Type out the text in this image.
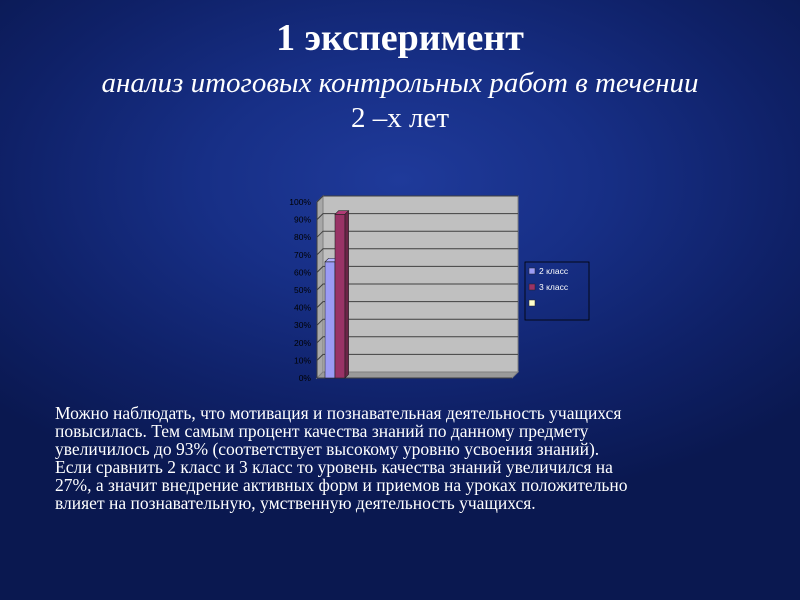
1 эксперимент
анализ итоговых контрольных работ в течении
2 –х лет
0%
10%
20%
30%
40%
50%
60%
70%
80%
90%
100%
2 класс
3 класс

Можно наблюдать, что мотивация и познавательная деятельность учащихся
повысилась. Тем самым процент качества знаний по данному предмету
увеличилось до 93% (соответствует высокому уровню усвоения знаний).
Если сравнить 2 класс и 3 класс то уровень качества знаний увеличился на
27%, а значит внедрение активных форм и приемов на уроках положительно
влияет на познавательную, умственную деятельность учащихся.
